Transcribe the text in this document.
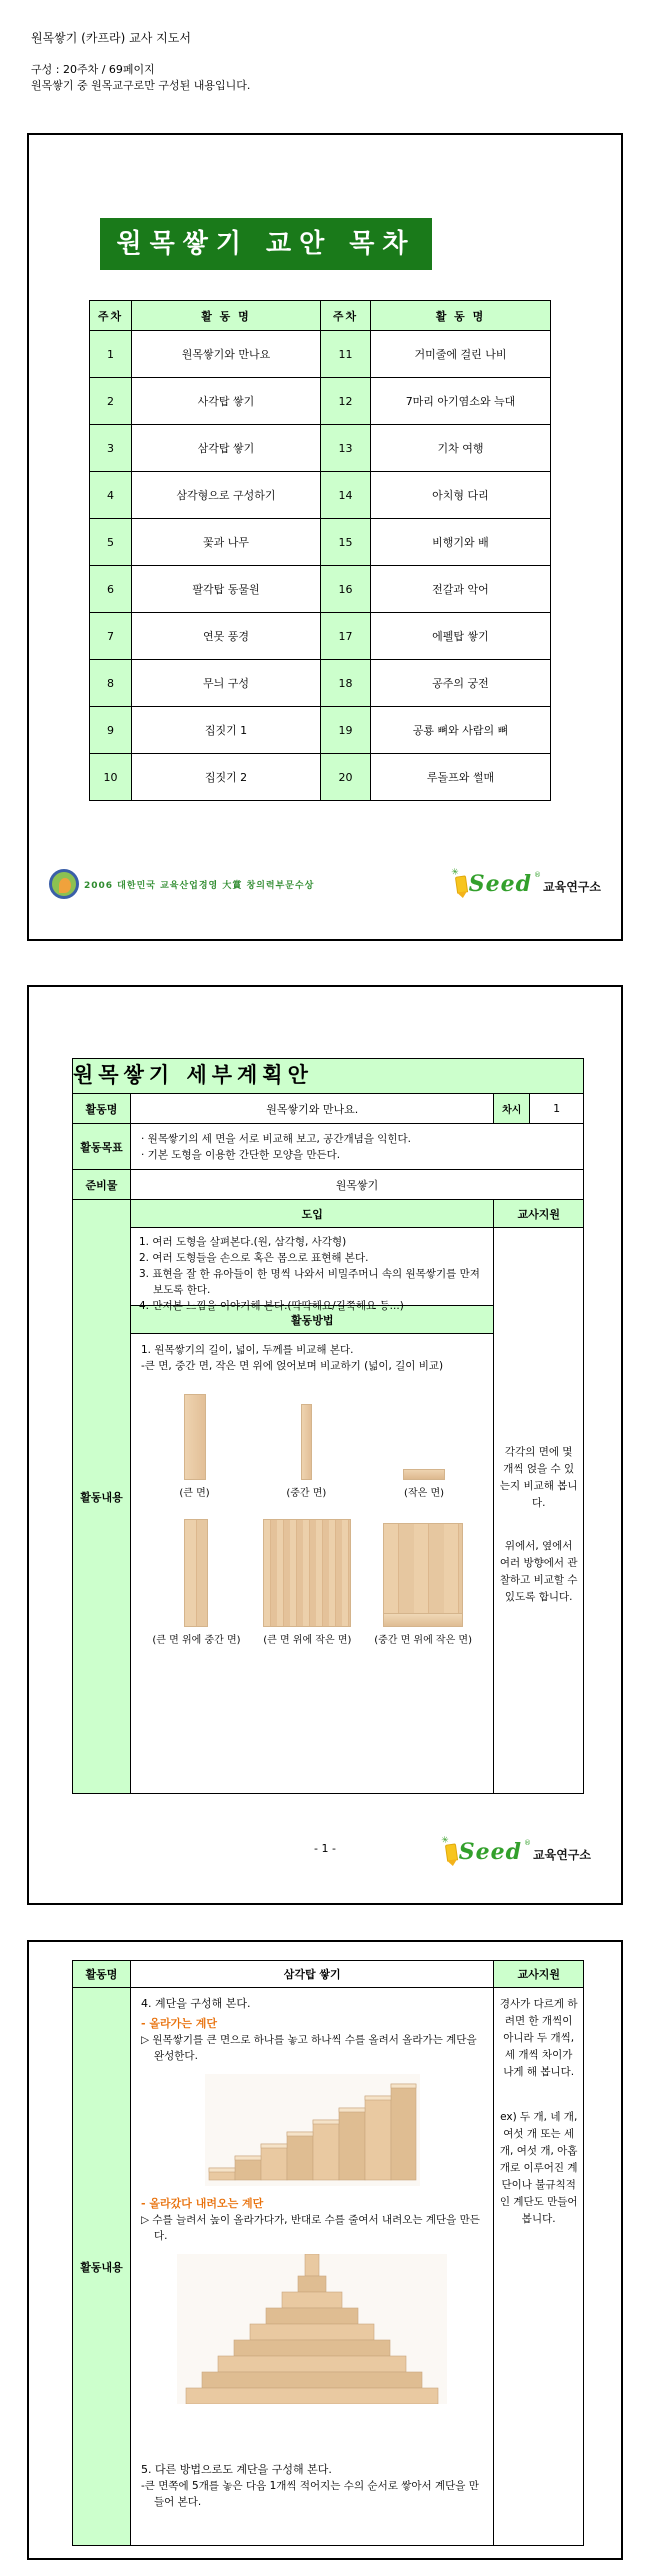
원목쌓기 (카프라) 교사 지도서
구성 : 20주차 / 69페이지
원목쌓기 중 원목교구로만 구성된 내용입니다.
원목쌓기 교안 목차
주차	활 동 명	주차	활 동 명
1	원목쌓기와 만나요	11	거미줄에 걸린 나비
2	사각탑 쌓기	12	7마리 아기염소와 늑대
3	삼각탑 쌓기	13	기차 여행
4	삼각형으로 구성하기	14	아치형 다리
5	꽃과 나무	15	비행기와 배
6	팔각탑 동물원	16	전갈과 악어
7	연못 풍경	17	에펠탑 쌓기
8	무늬 구성	18	공주의 궁전
9	집짓기 1	19	공룡 뼈와 사람의 뼈
10	집짓기 2	20	루돌프와 썰매
2006 대한민국 교육산업경영 大賞 창의력부문수상 ✳	Seed ®
교육연구소
원목쌓기 세부계획안
활동명	원목쌓기와 만나요.	차시	1
활동목표
· 원목쌓기의 세 면을 서로 비교해 보고, 공간개념을 익힌다.
· 기본 도형을 이용한 간단한 모양을 만든다.
준비물	원목쌓기
활동내용
도입
1. 여러 도형을 살펴본다.(원, 삼각형, 사각형)
2. 여러 도형들을 손으로 혹은 몸으로 표현해 본다.
3. 표현을 잘 한 유아들이 한 명씩 나와서 비밀주머니 속의 원목쌓기를 만져 보도록 한다.
4. 만져본 느낌을 이야기해 본다.(딱딱해요/길쭉해요 등...)
활동방법
1. 원목쌓기의 길이, 넓이, 두께를 비교해 본다.
-큰 면, 중간 면, 작은 면 위에 얹어보며 비교하기 (넓이, 길이 비교)
(큰 면)	(중간 면)	(작은 면)
(큰 면 위에 중간 면) (큰 면 위에 작은 면) (중간 면 위에 작은 면)
교사지원
각각의 면에 몇 개씩 얹을 수 있는지 비교해 봅니다.
위에서, 옆에서 여러 방향에서 관찰하고 비교할 수 있도록 합니다.
- 1 - ✳	Seed ®
교육연구소
활동명	삼각탑 쌓기	교사지원
활동내용
4. 계단을 구성해 본다.
- 올라가는 계단
▷ 원목쌓기를 큰 면으로 하나를 놓고 하나씩 수를 올려서 올라가는 계단을 완성한다.
- 올라갔다 내려오는 계단
▷ 수를 늘려서 높이 올라가다가, 반대로 수를 줄여서 내려오는 계단을 만든다.
5. 다른 방법으로도 계단을 구성해 본다.
-큰 면쪽에 5개를 놓은 다음 1개씩 적어지는 수의 순서로 쌓아서 계단을 만들어 본다.
경사가 다르게 하려면 한 개씩이 아니라 두 개씩, 세 개씩 차이가 나게 해 봅니다.
ex) 두 개, 네 개, 여섯 개 또는 세 개, 여섯 개, 아홉 개로 이루어진 계단이나 불규칙적인 계단도 만들어 봅니다.
